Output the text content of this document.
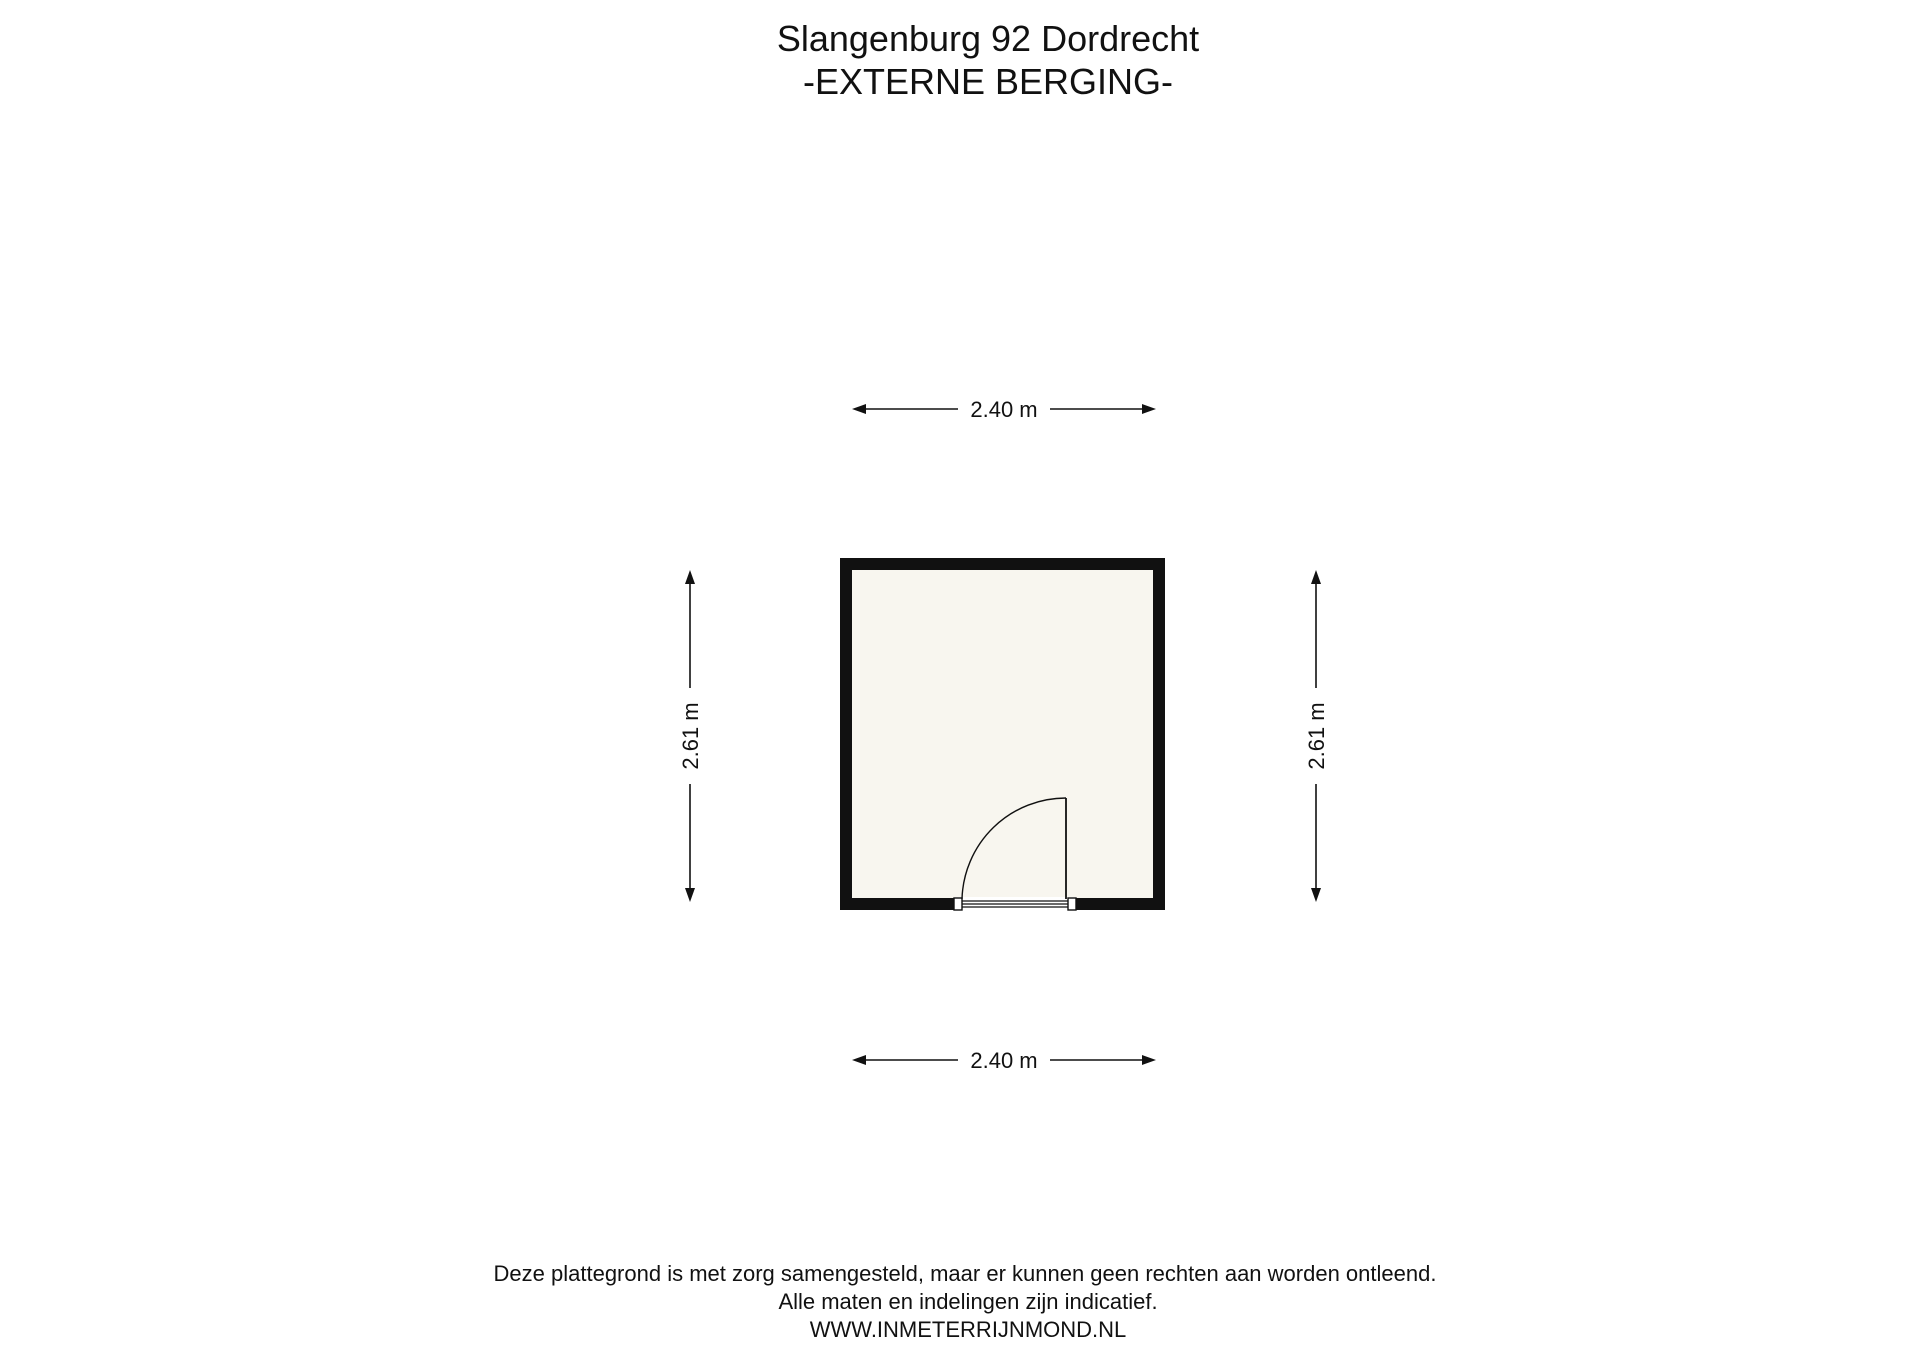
Slangenburg 92 Dordrecht
-EXTERNE BERGING-
2.40 m
2.40 m
2.61 m	2.61 m
Deze plattegrond is met zorg samengesteld, maar er kunnen geen rechten aan worden ontleend.
Alle maten en indelingen zijn indicatief.
WWW.INMETERRIJNMOND.NL
